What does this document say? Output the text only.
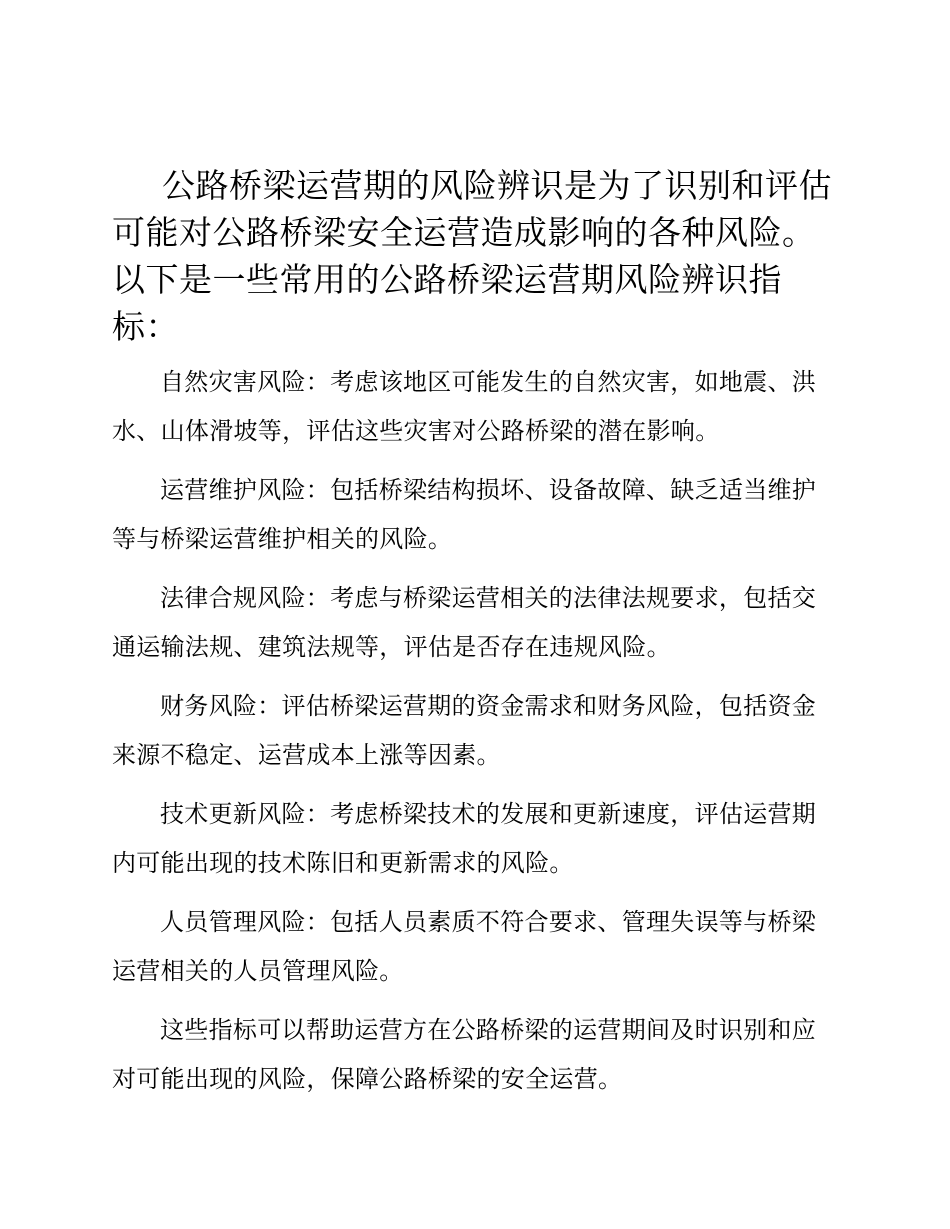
公路桥梁运营期的风险辨识是为了识别和评估可能对公路桥梁安全运营造成影响的各种风险。以下是一些常用的公路桥梁运营期风险辨识指标：

自然灾害风险：考虑该地区可能发生的自然灾害，如地震、洪水、山体滑坡等，评估这些灾害对公路桥梁的潜在影响。

运营维护风险：包括桥梁结构损坏、设备故障、缺乏适当维护等与桥梁运营维护相关的风险。

法律合规风险：考虑与桥梁运营相关的法律法规要求，包括交通运输法规、建筑法规等，评估是否存在违规风险。

财务风险：评估桥梁运营期的资金需求和财务风险，包括资金来源不稳定、运营成本上涨等因素。

技术更新风险：考虑桥梁技术的发展和更新速度，评估运营期内可能出现的技术陈旧和更新需求的风险。

人员管理风险：包括人员素质不符合要求、管理失误等与桥梁运营相关的人员管理风险。

这些指标可以帮助运营方在公路桥梁的运营期间及时识别和应对可能出现的风险，保障公路桥梁的安全运营。
